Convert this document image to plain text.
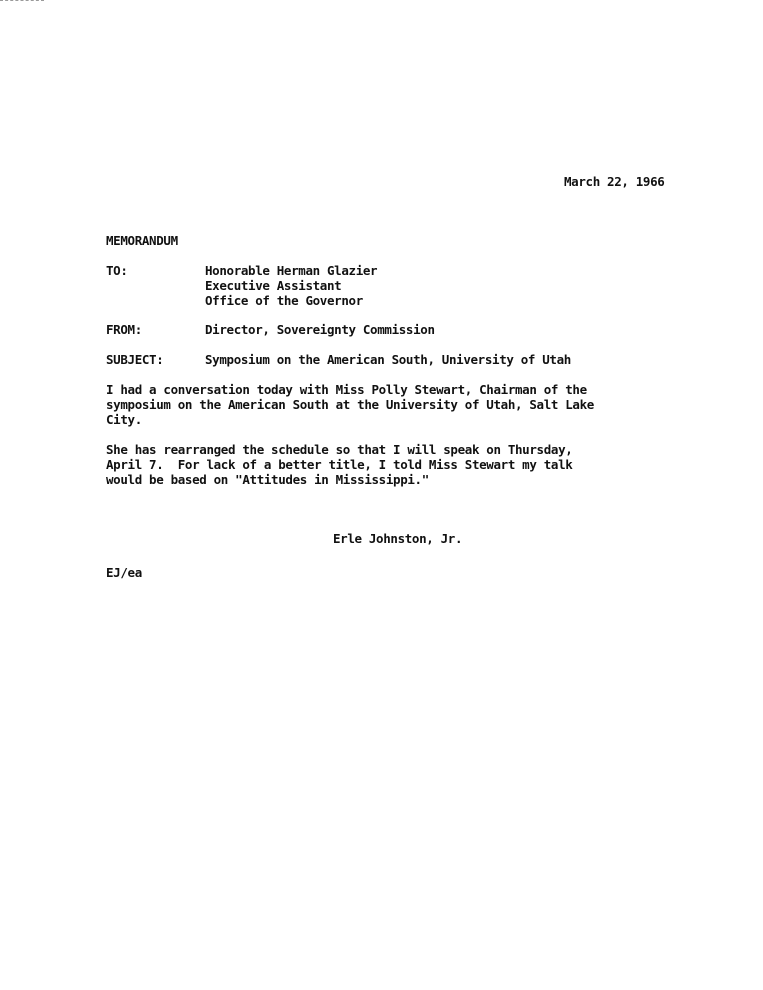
March 22, 1966
MEMORANDUM
TO:	Honorable Herman Glazier
Executive Assistant
Office of the Governor
FROM:	Director, Sovereignty Commission
SUBJECT:	Symposium on the American South, University of Utah
I had a conversation today with Miss Polly Stewart, Chairman of the
symposium on the American South at the University of Utah, Salt Lake
City.
She has rearranged the schedule so that I will speak on Thursday,
April 7.  For lack of a better title, I told Miss Stewart my talk
would be based on "Attitudes in Mississippi."
Erle Johnston, Jr.
EJ/ea
